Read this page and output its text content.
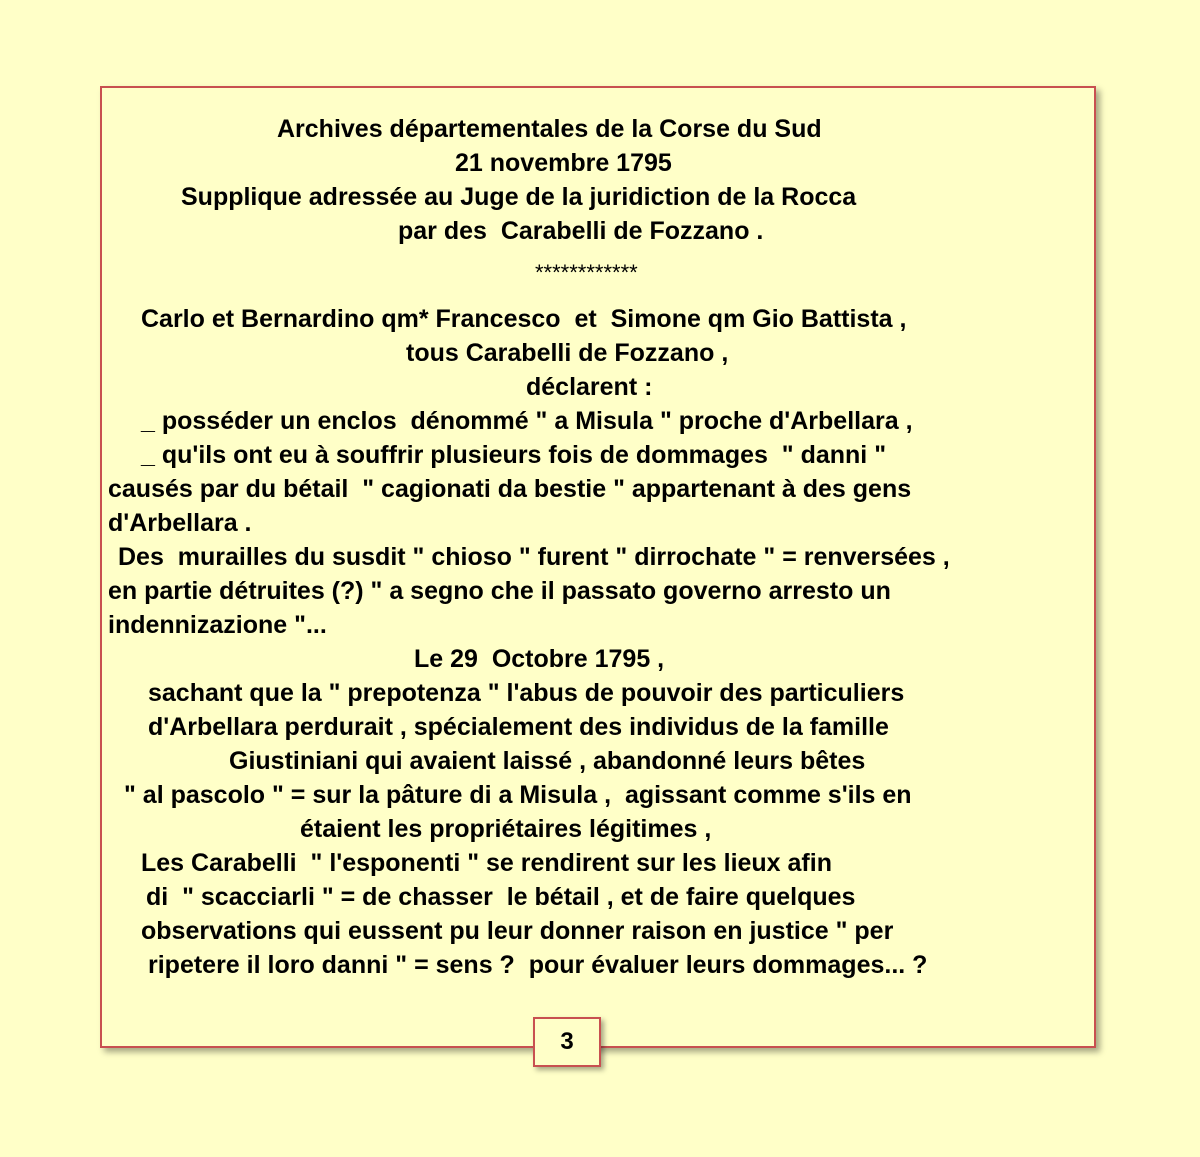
Archives départementales de la Corse du Sud
21 novembre 1795
Supplique adressée au Juge de la juridiction de la Rocca
par des  Carabelli de Fozzano .
************
Carlo et Bernardino qm* Francesco  et  Simone qm Gio Battista ,
tous Carabelli de Fozzano ,
déclarent :
_ posséder un enclos  dénommé " a Misula " proche d'Arbellara ,
_ qu'ils ont eu à souffrir plusieurs fois de dommages  " danni "
causés par du bétail  " cagionati da bestie " appartenant à des gens
d'Arbellara .
Des  murailles du susdit " chioso " furent " dirrochate " = renversées ,
en partie détruites (?) " a segno che il passato governo arresto un
indennizazione "...
Le 29  Octobre 1795 ,
sachant que la " prepotenza " l'abus de pouvoir des particuliers
d'Arbellara perdurait , spécialement des individus de la famille
Giustiniani qui avaient laissé , abandonné leurs bêtes
" al pascolo " = sur la pâture di a Misula ,  agissant comme s'ils en
étaient les propriétaires légitimes ,
Les Carabelli  " l'esponenti " se rendirent sur les lieux afin
di  " scacciarli " = de chasser  le bétail , et de faire quelques
observations qui eussent pu leur donner raison en justice " per
ripetere il loro danni " = sens ?  pour évaluer leurs dommages... ?
3
